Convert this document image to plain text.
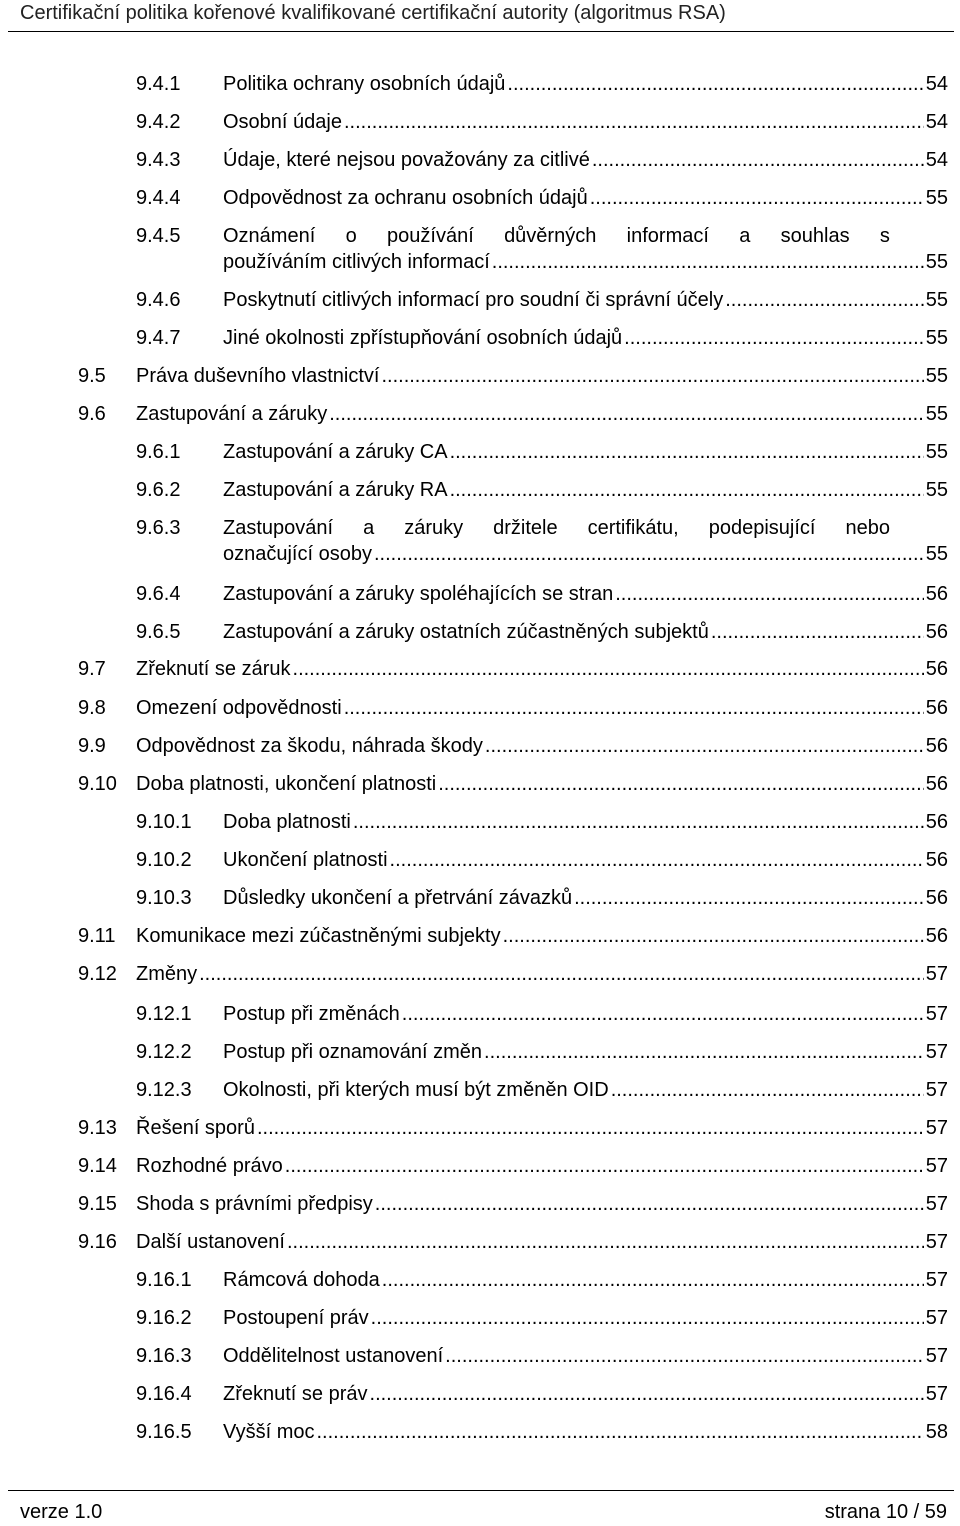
Certifikační politika kořenové kvalifikované certifikační autority (algoritmus RSA)
9.4.1 Politika ochrany osobních údajů .....	54
9.4.2 Osobní údaje .....	54
9.4.3 Údaje, které nejsou považovány za citlivé .....	54
9.4.4 Odpovědnost za ochranu osobních údajů .....	55
9.4.5 Oznámení o používání důvěrných informací a souhlas s
používáním citlivých informací .....	55
9.4.6 Poskytnutí citlivých informací pro soudní či správní účely .....	55
9.4.7 Jiné okolnosti zpřístupňování osobních údajů .....	55
9.5 Práva duševního vlastnictví .....	55
9.6 Zastupování a záruky .....	55
9.6.1 Zastupování a záruky CA .....	55
9.6.2 Zastupování a záruky RA .....	55
9.6.3 Zastupování a záruky držitele certifikátu, podepisující nebo
označující osoby .....	55
9.6.4 Zastupování a záruky spoléhajících se stran .....	56
9.6.5 Zastupování a záruky ostatních zúčastněných subjektů .....	56
9.7 Zřeknutí se záruk .....	56
9.8 Omezení odpovědnosti .....	56
9.9 Odpovědnost za škodu, náhrada škody .....	56
9.10 Doba platnosti, ukončení platnosti .....	56
9.10.1 Doba platnosti .....	56
9.10.2 Ukončení platnosti .....	56
9.10.3 Důsledky ukončení a přetrvání závazků .....	56
9.11 Komunikace mezi zúčastněnými subjekty .....	56
9.12 Změny .....	57
9.12.1 Postup při změnách .....	57
9.12.2 Postup při oznamování změn .....	57
9.12.3 Okolnosti, při kterých musí být změněn OID .....	57
9.13 Řešení sporů .....	57
9.14 Rozhodné právo .....	57
9.15 Shoda s právními předpisy .....	57
9.16 Další ustanovení .....	57
9.16.1 Rámcová dohoda .....	57
9.16.2 Postoupení práv .....	57
9.16.3 Oddělitelnost ustanovení .....	57
9.16.4 Zřeknutí se práv .....	57
9.16.5 Vyšší moc .....	58
verze 1.0	strana 10 / 59
